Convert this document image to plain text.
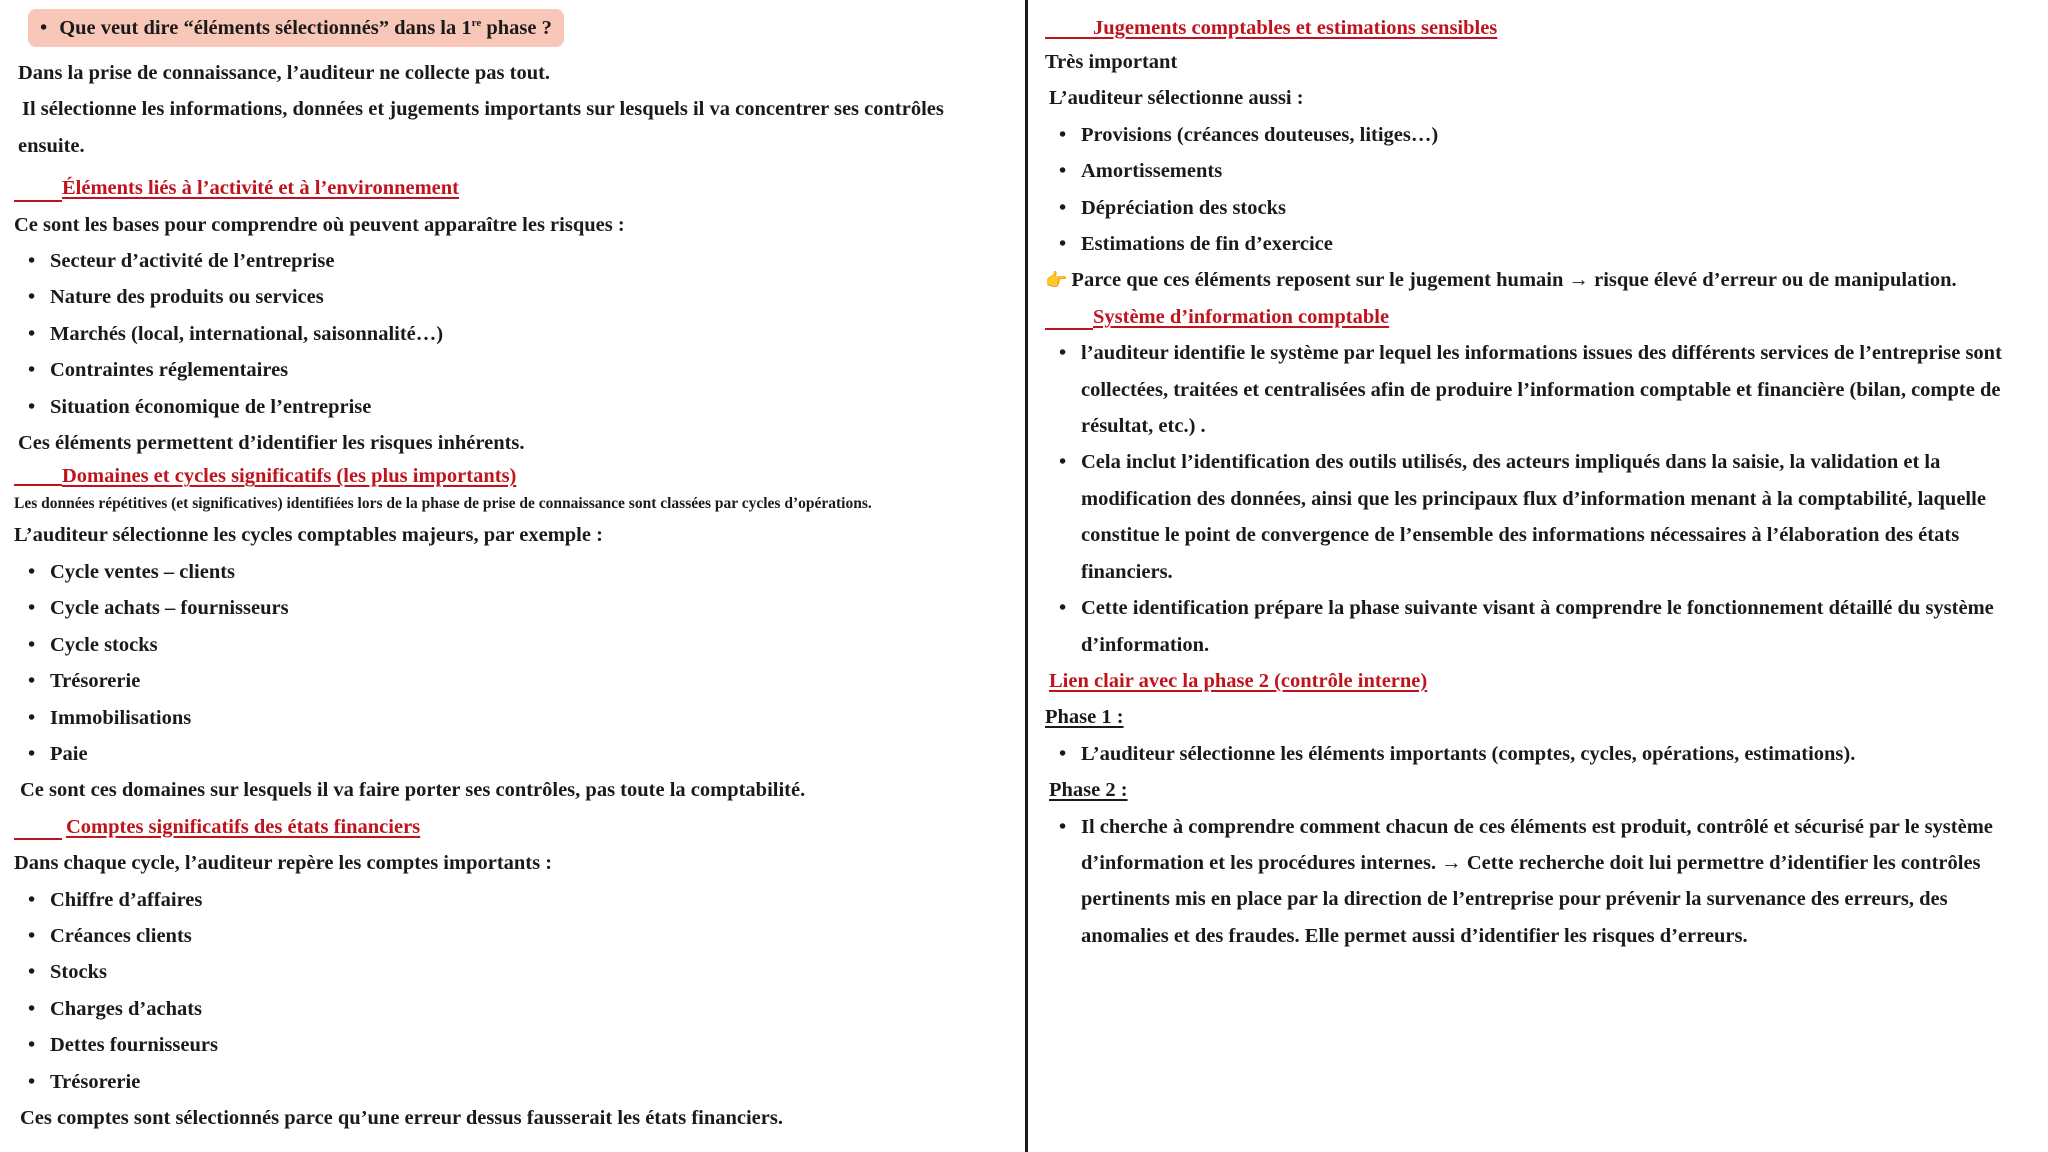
• Que veut dire “éléments sélectionnés” dans la 1re phase ?
Dans la prise de connaissance, l’auditeur ne collecte pas tout.
Il sélectionne les informations, données et jugements importants sur lesquels il va concentrer ses contrôles
ensuite.
Éléments liés à l’activité et à l’environnement
Ce sont les bases pour comprendre où peuvent apparaître les risques :
• Secteur d’activité de l’entreprise
• Nature des produits ou services
• Marchés (local, international, saisonnalité…)
• Contraintes réglementaires
• Situation économique de l’entreprise
Ces éléments permettent d’identifier les risques inhérents.
Domaines et cycles significatifs (les plus importants)
Les données répétitives (et significatives) identifiées lors de la phase de prise de connaissance sont classées par cycles d’opérations.
L’auditeur sélectionne les cycles comptables majeurs, par exemple :
• Cycle ventes – clients
• Cycle achats – fournisseurs
• Cycle stocks
• Trésorerie
• Immobilisations
• Paie
Ce sont ces domaines sur lesquels il va faire porter ses contrôles, pas toute la comptabilité.
Comptes significatifs des états financiers
Dans chaque cycle, l’auditeur repère les comptes importants :
• Chiffre d’affaires
• Créances clients
• Stocks
• Charges d’achats
• Dettes fournisseurs
• Trésorerie
Ces comptes sont sélectionnés parce qu’une erreur dessus fausserait les états financiers.
Jugements comptables et estimations sensibles
Très important
L’auditeur sélectionne aussi :
• Provisions (créances douteuses, litiges…)
• Amortissements
• Dépréciation des stocks
• Estimations de fin d’exercice
👉 Parce que ces éléments reposent sur le jugement humain → risque élevé d’erreur ou de manipulation.
Système d’information comptable
• l’auditeur identifie le système par lequel les informations issues des différents services de l’entreprise sont collectées, traitées et centralisées afin de produire l’information comptable et financière (bilan, compte de résultat, etc.) .
• Cela inclut l’identification des outils utilisés, des acteurs impliqués dans la saisie, la validation et la modification des données, ainsi que les principaux flux d’information menant à la comptabilité, laquelle constitue le point de convergence de l’ensemble des informations nécessaires à l’élaboration des états financiers.
• Cette identification prépare la phase suivante visant à comprendre le fonctionnement détaillé du système d’information.
Lien clair avec la phase 2 (contrôle interne)
Phase 1 :
• L’auditeur sélectionne les éléments importants (comptes, cycles, opérations, estimations).
Phase 2 :
• Il cherche à comprendre comment chacun de ces éléments est produit, contrôlé et sécurisé par le système d’information et les procédures internes. → Cette recherche doit lui permettre d’identifier les contrôles pertinents mis en place par la direction de l’entreprise pour prévenir la survenance des erreurs, des anomalies et des fraudes. Elle permet aussi d’identifier les risques d’erreurs.
